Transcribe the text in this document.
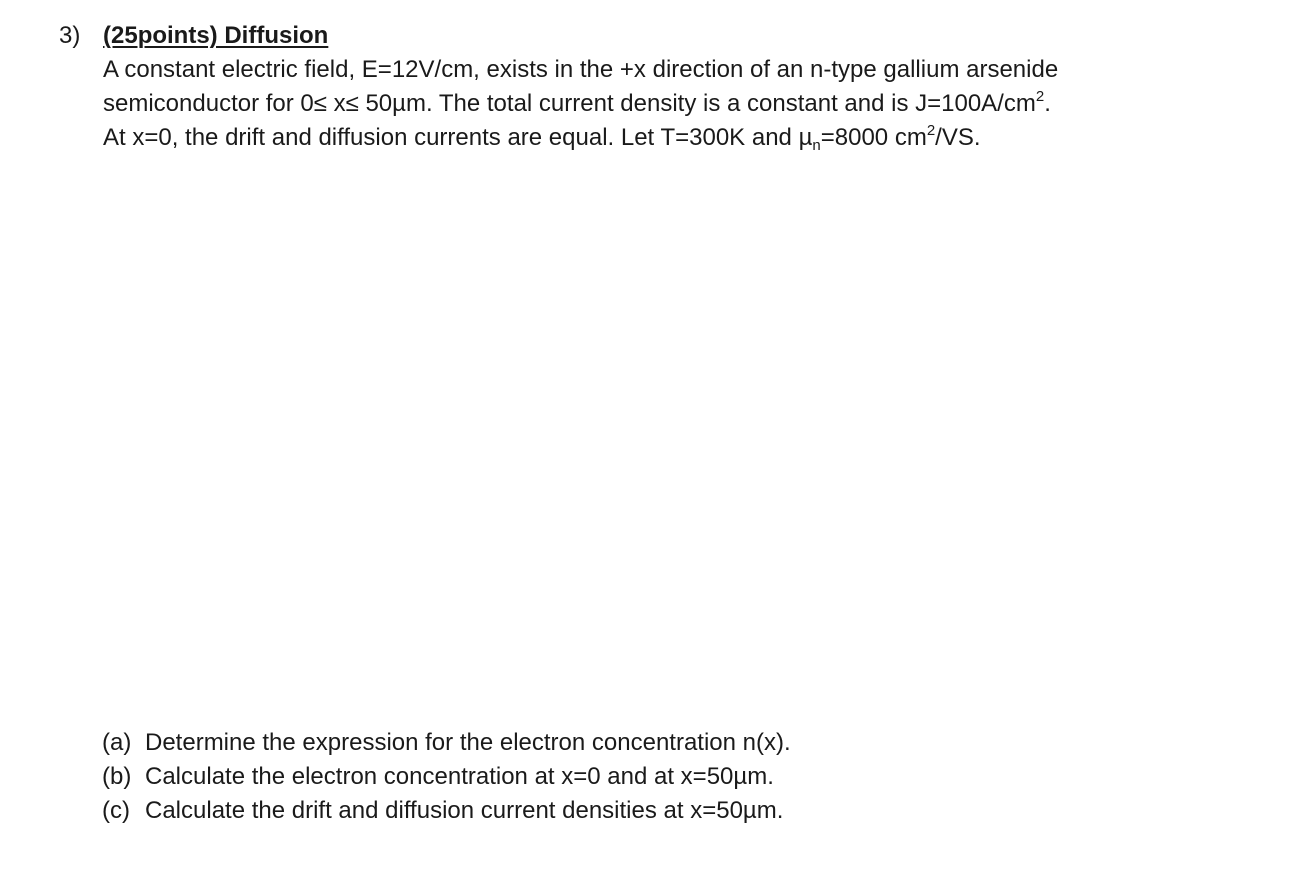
3) (25points) Diffusion
A constant electric field, E=12V/cm, exists in the +x direction of an n-type gallium arsenide
semiconductor for 0≤ x≤ 50µm. The total current density is a constant and is $J=100A/cm^2$.
At x=0, the drift and diffusion currents are equal. Let T=300K and µ$_n$=8000 $cm^2/VS$.
(a) Determine the expression for the electron concentration n(x).
(b) Calculate the electron concentration at x=0 and at x=50µm.
(c) Calculate the drift and diffusion current densities at x=50µm.
